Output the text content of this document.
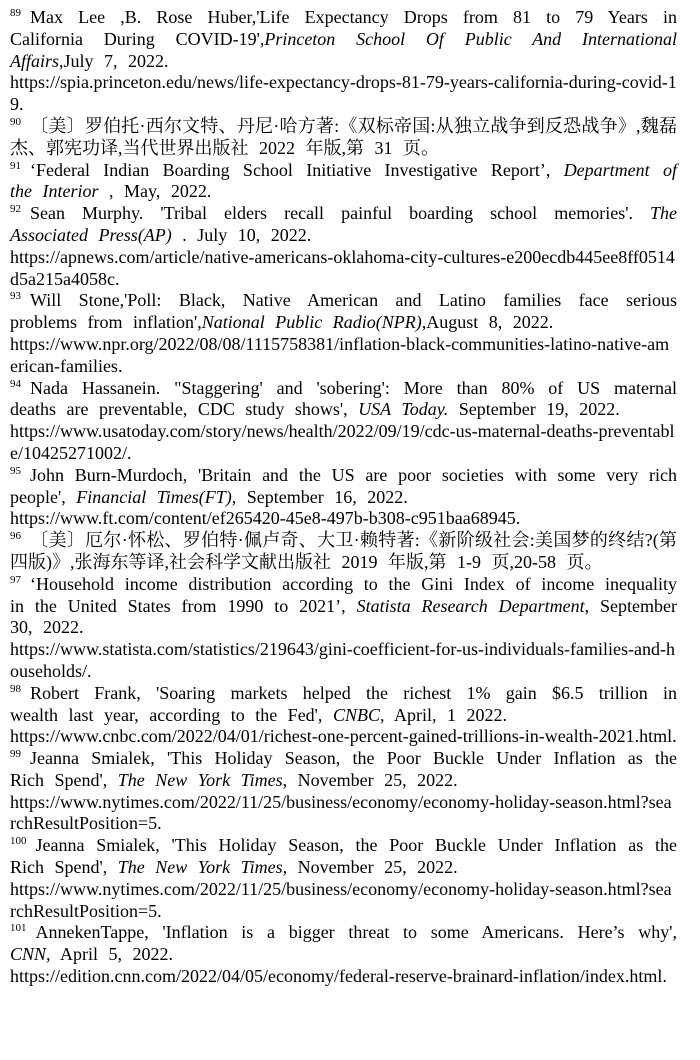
$^{89}$ Max Lee ,B. Rose Huber,'Life Expectancy Drops from 81 to 79 Years in California During COVID-19',Princeton School Of Public And International Affairs,July 7, 2022.
https://spia.princeton.edu/news/life-expectancy-drops-81-79-years-california-during-covid-19.

$^{90}$ 〔美〕罗伯托·西尔文特、丹尼·哈方著:《双标帝国:从独立战争到反恐战争》,魏磊杰、郭宪功译,当代世界出版社 2022 年版,第 31 页。

$^{91}$ ‘Federal Indian Boarding School Initiative Investigative Report’, Department of the Interior , May, 2022.

$^{92}$ Sean Murphy. 'Tribal elders recall painful boarding school memories'. The Associated Press(AP) . July 10, 2022.
https://apnews.com/article/native-americans-oklahoma-city-cultures-e200ecdb445ee8ff0514d5a215a4058c.

$^{93}$ Will Stone,'Poll: Black, Native American and Latino families face serious problems from inflation',National Public Radio(NPR),August 8, 2022.
https://www.npr.org/2022/08/08/1115758381/inflation-black-communities-latino-native-american-families.

$^{94}$ Nada Hassanein. "Staggering' and 'sobering': More than 80% of US maternal deaths are preventable, CDC study shows', USA Today. September 19, 2022.
https://www.usatoday.com/story/news/health/2022/09/19/cdc-us-maternal-deaths-preventable/10425271002/.

$^{95}$ John Burn-Murdoch, 'Britain and the US are poor societies with some very rich people', Financial Times(FT), September 16, 2022.
https://www.ft.com/content/ef265420-45e8-497b-b308-c951baa68945.

$^{96}$ 〔美〕厄尔·怀松、罗伯特·佩卢奇、大卫·赖特著:《新阶级社会:美国梦的终结?(第四版)》,张海东等译,社会科学文献出版社 2019 年版,第 1-9 页,20-58 页。

$^{97}$ ‘Household income distribution according to the Gini Index of income inequality in the United States from 1990 to 2021’, Statista Research Department, September 30, 2022.
https://www.statista.com/statistics/219643/gini-coefficient-for-us-individuals-families-and-households/.

$^{98}$ Robert Frank, 'Soaring markets helped the richest 1% gain $6.5 trillion in wealth last year, according to the Fed', CNBC, April, 1 2022.
https://www.cnbc.com/2022/04/01/richest-one-percent-gained-trillions-in-wealth-2021.html.

$^{99}$ Jeanna Smialek, 'This Holiday Season, the Poor Buckle Under Inflation as the Rich Spend', The New York Times, November 25, 2022.
https://www.nytimes.com/2022/11/25/business/economy/economy-holiday-season.html?searchResultPosition=5.

$^{100}$ Jeanna Smialek, 'This Holiday Season, the Poor Buckle Under Inflation as the Rich Spend', The New York Times, November 25, 2022.
https://www.nytimes.com/2022/11/25/business/economy/economy-holiday-season.html?searchResultPosition=5.

$^{101}$ AnnekenTappe, 'Inflation is a bigger threat to some Americans. Here’s why', CNN, April 5, 2022.
https://edition.cnn.com/2022/04/05/economy/federal-reserve-brainard-inflation/index.html.
